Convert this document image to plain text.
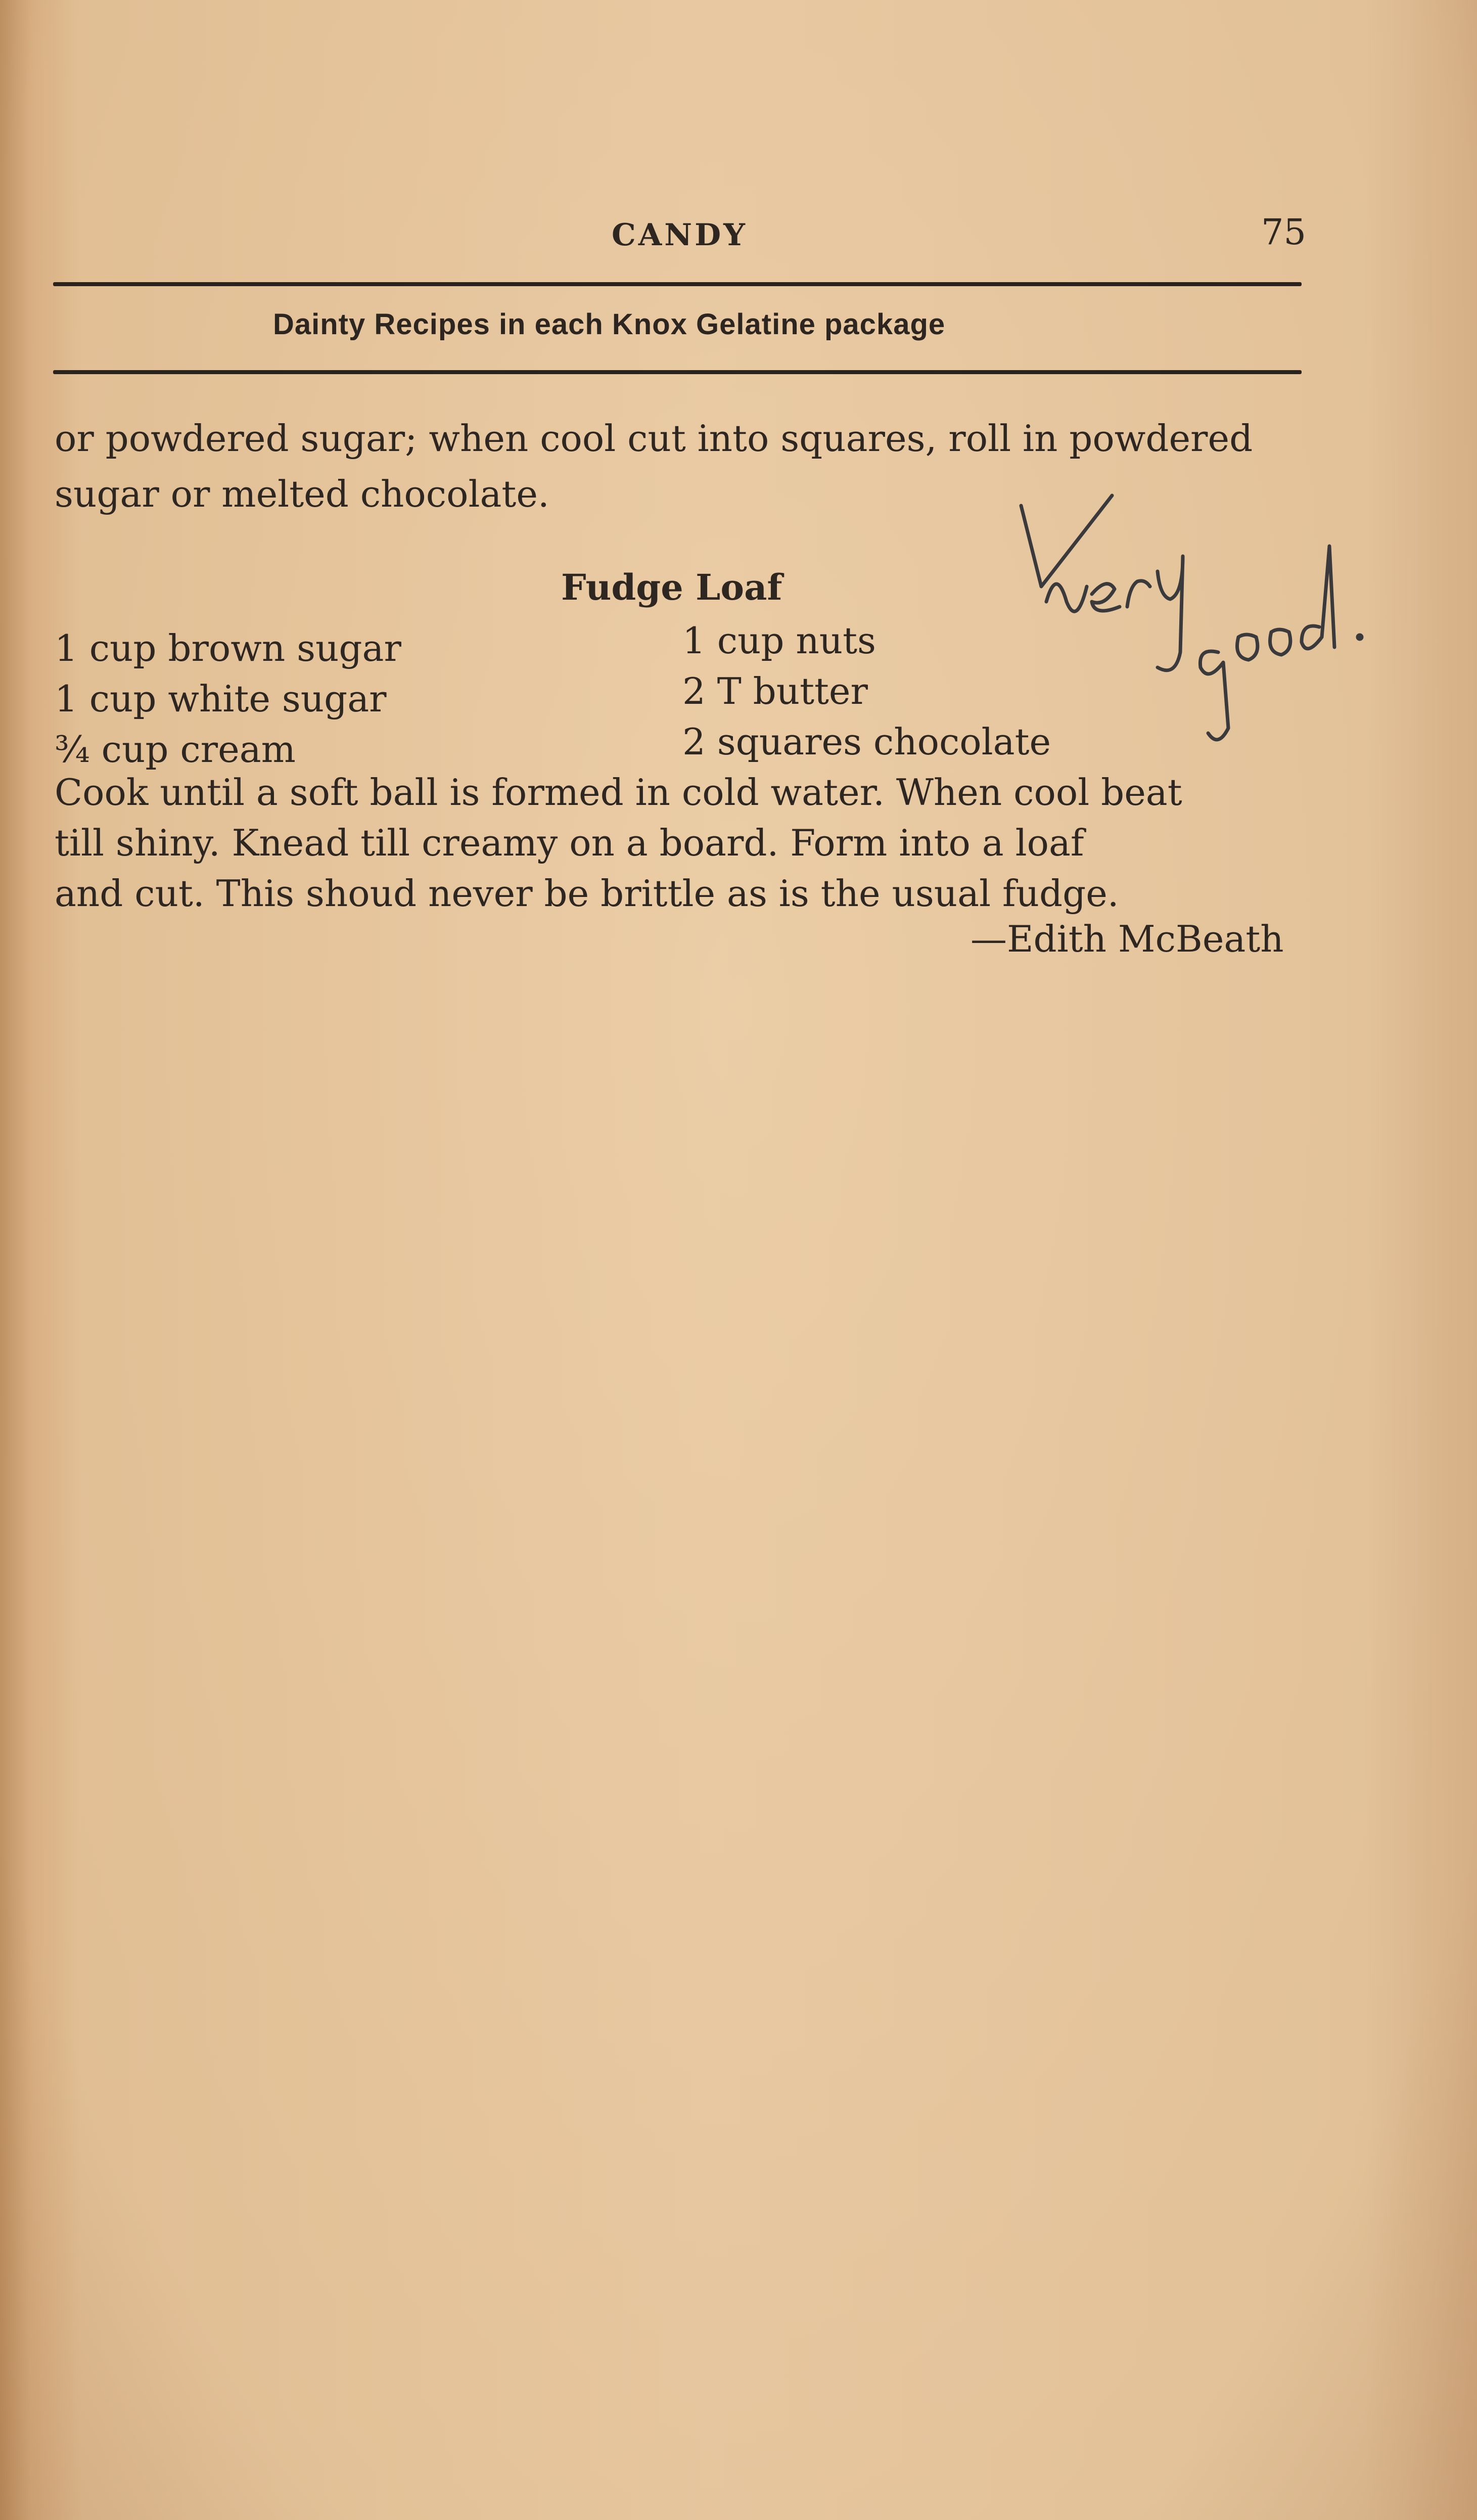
CANDY	75
Dainty Recipes in each Knox Gelatine package
or powdered sugar; when cool cut into squares, roll in powdered
sugar or melted chocolate.
Fudge Loaf
1 cup brown sugar
1 cup white sugar
¾ cup cream
1 cup nuts
2 T butter
2 squares chocolate
Cook until a soft ball is formed in cold water. When cool beat
till shiny. Knead till creamy on a board. Form into a loaf
and cut. This shoud never be brittle as is the usual fudge.
—Edith McBeath
